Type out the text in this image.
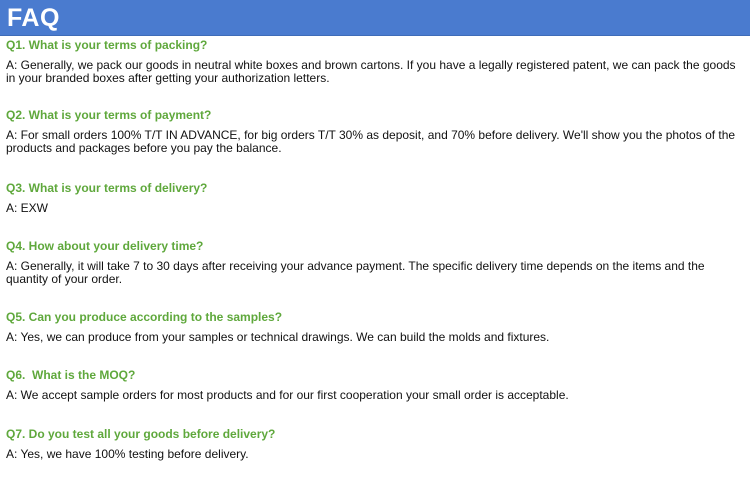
FAQ
Q1. What is your terms of packing?
A: Generally, we pack our goods in neutral white boxes and brown cartons. If you have a legally registered patent, we can pack the goods in your branded boxes after getting your authorization letters.
Q2. What is your terms of payment?
A: For small orders 100% T/T IN ADVANCE, for big orders T/T 30% as deposit, and 70% before delivery. We'll show you the photos of the products and packages before you pay the balance.
Q3. What is your terms of delivery?
A: EXW
Q4. How about your delivery time?
A: Generally, it will take 7 to 30 days after receiving your advance payment. The specific delivery time depends on the items and the quantity of your order.
Q5. Can you produce according to the samples?
A: Yes, we can produce from your samples or technical drawings. We can build the molds and fixtures.
Q6.  What is the MOQ?
A: We accept sample orders for most products and for our first cooperation your small order is acceptable.
Q7. Do you test all your goods before delivery?
A: Yes, we have 100% testing before delivery.
